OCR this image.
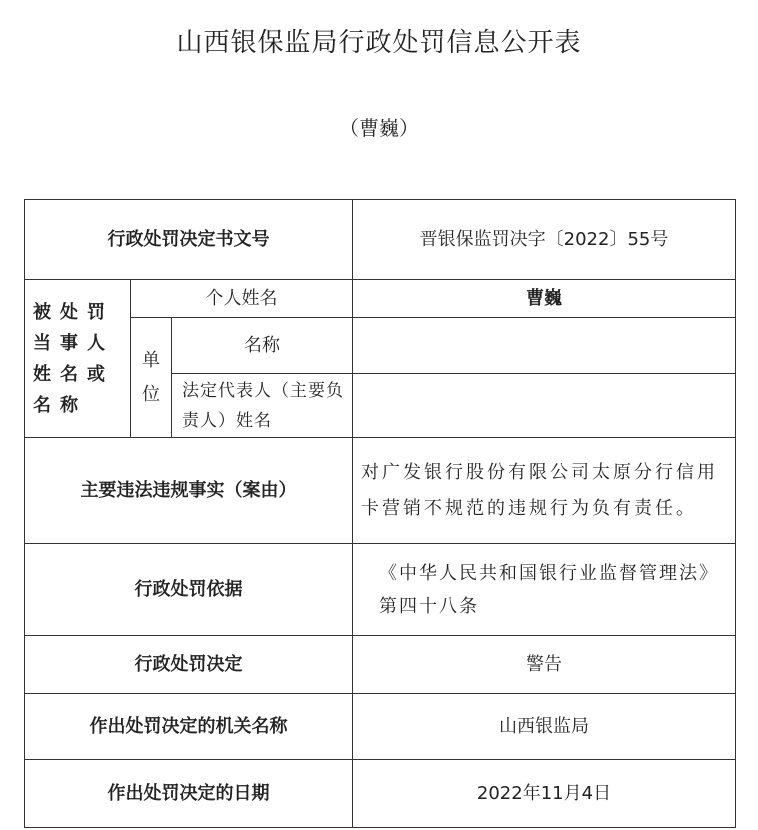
山西银保监局行政处罚信息公开表
（曹巍）
行政处罚决定书文号			晋银保监罚决字〔2022〕55号
被处罚当事人姓名或名称	个人姓名		曹巍
	单位	名称	
		法定代表人（主要负责人）姓名	
主要违法违规事实（案由）			对广发银行股份有限公司太原分行信用卡营销不规范的违规行为负有责任。
行政处罚依据			《中华人民共和国银行业监督管理法》第四十八条
行政处罚决定			警告
作出处罚决定的机关名称			山西银监局
作出处罚决定的日期			2022年11月4日
